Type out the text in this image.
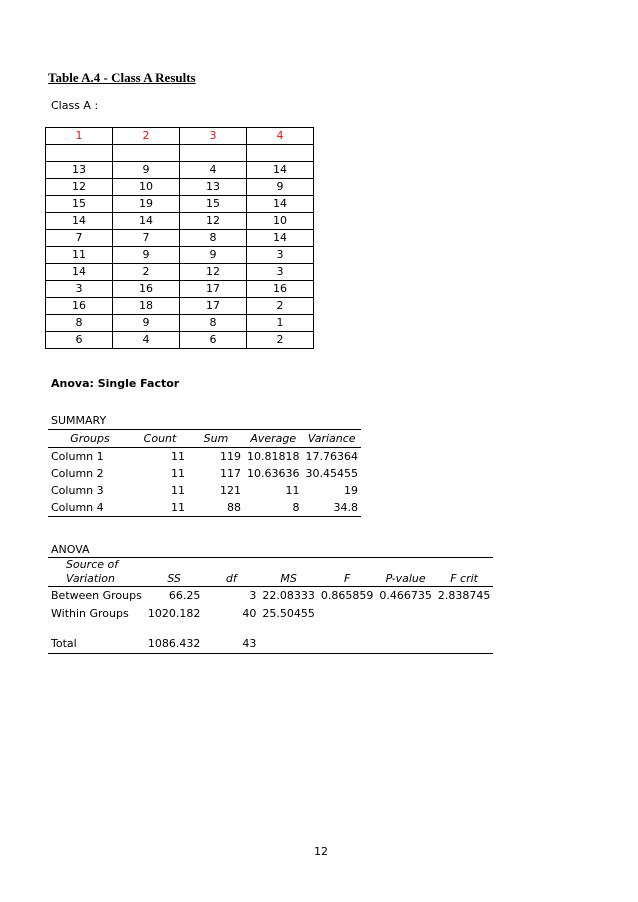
Table A.4 - Class A Results
Class A :
1	2	3	4

13	9	4	14
12	10	13	9
15	19	15	14
14	14	12	10
7	7	8	14
11	9	9	3
14	2	12	3
3	16	17	16
16	18	17	2
8	9	8	1
6	4	6	2
Anova: Single Factor
SUMMARY				
Groups	Count	Sum	Average	Variance
Column 1	11	119	10.81818	17.76364
Column 2	11	117	10.63636	30.45455
Column 3	11	121	11	19
Column 4	11	88	8	34.8
ANOVA						
Source of
Variation	SS	df	MS	F	P-value	F crit
Between Groups	66.25	3	22.08333	0.865859	0.466735	2.838745
Within Groups	1020.182	40	25.50455			

Total	1086.432	43				
12
